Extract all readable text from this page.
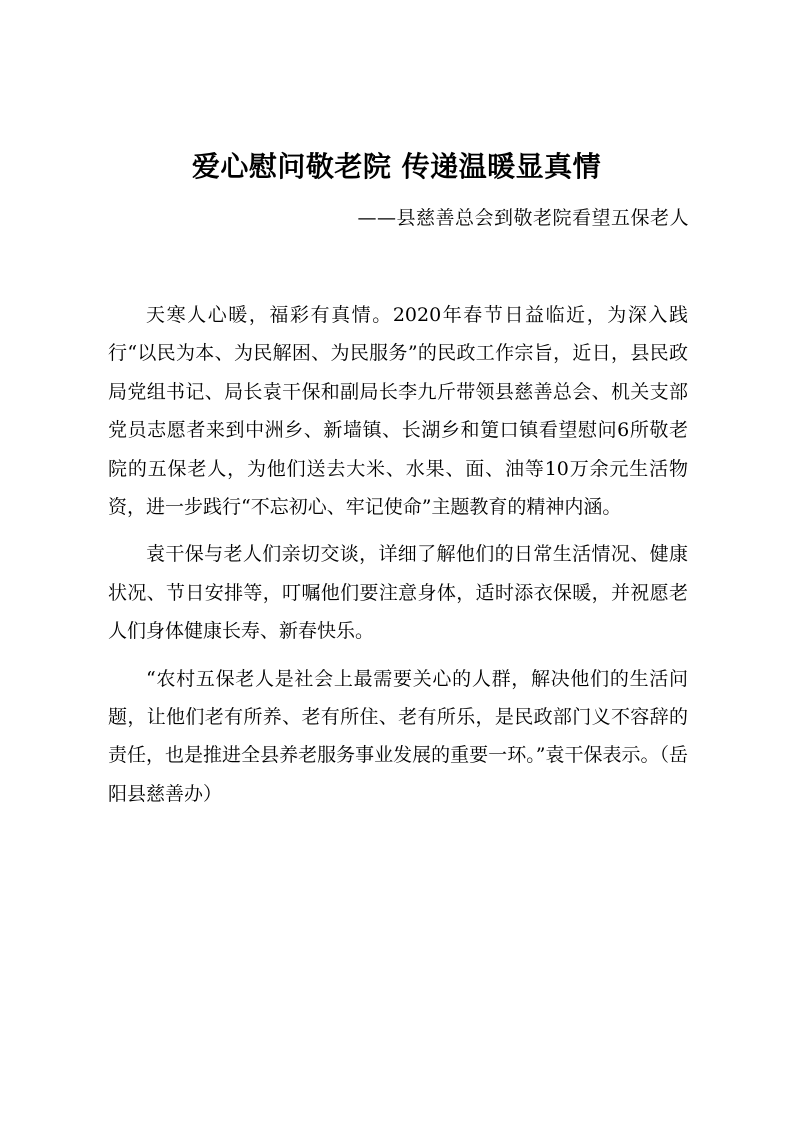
爱心慰问敬老院 传递温暖显真情

——县慈善总会到敬老院看望五保老人

天寒人心暖，福彩有真情。2020年春节日益临近，为深入践行“以民为本、为民解困、为民服务”的民政工作宗旨，近日，县民政局党组书记、局长袁干保和副局长李九斤带领县慈善总会、机关支部党员志愿者来到中洲乡、新墙镇、长湖乡和筻口镇看望慰问6所敬老院的五保老人，为他们送去大米、水果、面、油等10万余元生活物资，进一步践行“不忘初心、牢记使命”主题教育的精神内涵。

袁干保与老人们亲切交谈，详细了解他们的日常生活情况、健康状况、节日安排等，叮嘱他们要注意身体，适时添衣保暖，并祝愿老人们身体健康长寿、新春快乐。

“农村五保老人是社会上最需要关心的人群，解决他们的生活问题，让他们老有所养、老有所住、老有所乐，是民政部门义不容辞的责任，也是推进全县养老服务事业发展的重要一环。”袁干保表示。（岳阳县慈善办）
